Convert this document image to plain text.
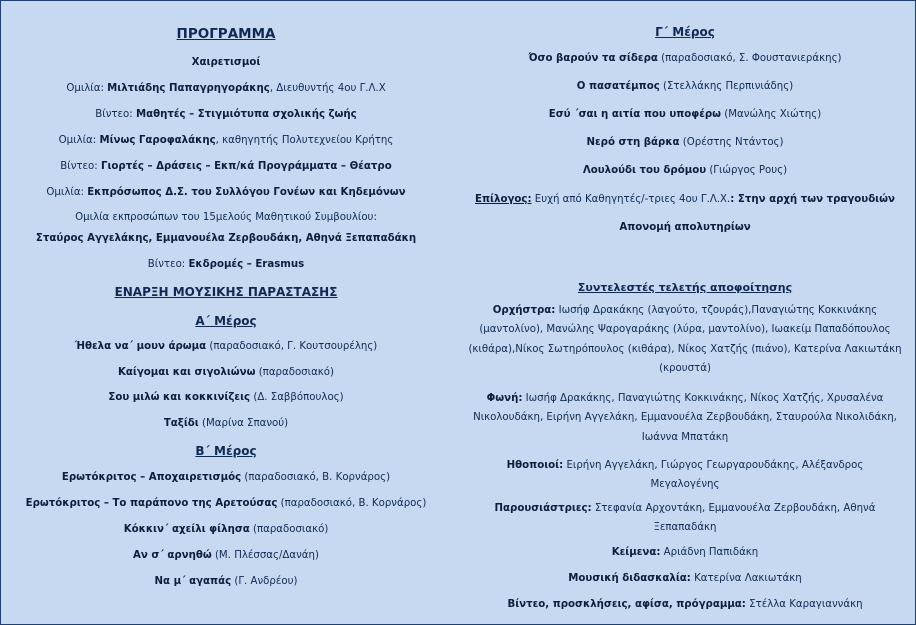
ΠΡΟΓΡΑΜΜΑ
Χαιρετισμοί
Ομιλία: Μιλτιάδης Παπαγρηγοράκης, Διευθυντής 4ου Γ.Λ.Χ
Βίντεο: Μαθητές – Στιγμιότυπα σχολικής ζωής
Ομιλία: Μίνως Γαροφαλάκης, καθηγητής Πολυτεχνείου Κρήτης
Βίντεο: Γιορτές – Δράσεις – Εκπ/κά Προγράμματα – Θέατρο
Ομιλία: Εκπρόσωπος Δ.Σ. του Συλλόγου Γονέων και Κηδεμόνων
Ομιλία εκπροσώπων του 15μελούς Μαθητικού Συμβουλίου:
Σταύρος Αγγελάκης, Εμμανουέλα Ζερβουδάκη, Αθηνά Ξεπαπαδάκη
Βίντεο: Εκδρομές – Erasmus
ΕΝΑΡΞΗ ΜΟΥΣΙΚΗΣ ΠΑΡΑΣΤΑΣΗΣ
Α΄ Μέρος
Ήθελα να΄ μουν άρωμα (παραδοσιακό, Γ. Κουτσουρέλης)
Καίγομαι και σιγολιώνω (παραδοσιακό)
Σου μιλώ και κοκκινίζεις (Δ. Σαββόπουλος)
Ταξίδι (Μαρίνα Σπανού)
Β΄ Μέρος
Ερωτόκριτος – Αποχαιρετισμός (παραδοσιακό, Β. Κορνάρος)
Ερωτόκριτος – Το παράπονο της Αρετούσας (παραδοσιακό, Β. Κορνάρος)
Κόκκιν΄ αχείλι φίλησα (παραδοσιακό)
Αν σ΄ αρνηθώ (Μ. Πλέσσας/Δανάη)
Να μ΄ αγαπάς (Γ. Ανδρέου)
Γ΄ Μέρος
Όσο βαρούν τα σίδερα (παραδοσιακό, Σ. Φουστανιεράκης)
Ο πασατέμπος (Στελλάκης Περπινιάδης)
Εσύ ΄σαι η αιτία που υποφέρω (Μανώλης Χιώτης)
Νερό στη βάρκα (Ορέστης Ντάντος)
Λουλούδι του δρόμου (Γιώργος Ρους)
Επίλογος: Ευχή από Καθηγητές/-τριες 4ου Γ.Λ.Χ.: Στην αρχή των τραγουδιών
Απονομή απολυτηρίων
Συντελεστές τελετής αποφοίτησης
Ορχήστρα: Ιωσήφ Δρακάκης (λαγούτο, τζουράς),Παναγιώτης Κοκκινάκης (μαντολίνο), Μανώλης Ψαρογαράκης (λύρα, μαντολίνο), Ιωακείμ Παπαδόπουλος (κιθάρα),Νίκος Σωτηρόπουλος (κιθάρα), Νίκος Χατζής (πιάνο), Κατερίνα Λακιωτάκη (κρουστά)
Φωνή: Ιωσήφ Δρακάκης, Παναγιώτης Κοκκινάκης, Νίκος Χατζής, Χρυσαλένα Νικολουδάκη, Ειρήνη Αγγελάκη, Εμμανουέλα Ζερβουδάκη, Σταυρούλα Νικολιδάκη, Ιωάννα Μπατάκη
Ηθοποιοί: Ειρήνη Αγγελάκη, Γιώργος Γεωργαρουδάκης, Αλέξανδρος Μεγαλογένης
Παρουσιάστριες: Στεφανία Αρχοντάκη, Εμμανουέλα Ζερβουδάκη, Αθηνά Ξεπαπαδάκη
Κείμενα: Αριάδνη Παπιδάκη
Μουσική διδασκαλία: Κατερίνα Λακιωτάκη
Βίντεο, προσκλήσεις, αφίσα, πρόγραμμα: Στέλλα Καραγιαννάκη
